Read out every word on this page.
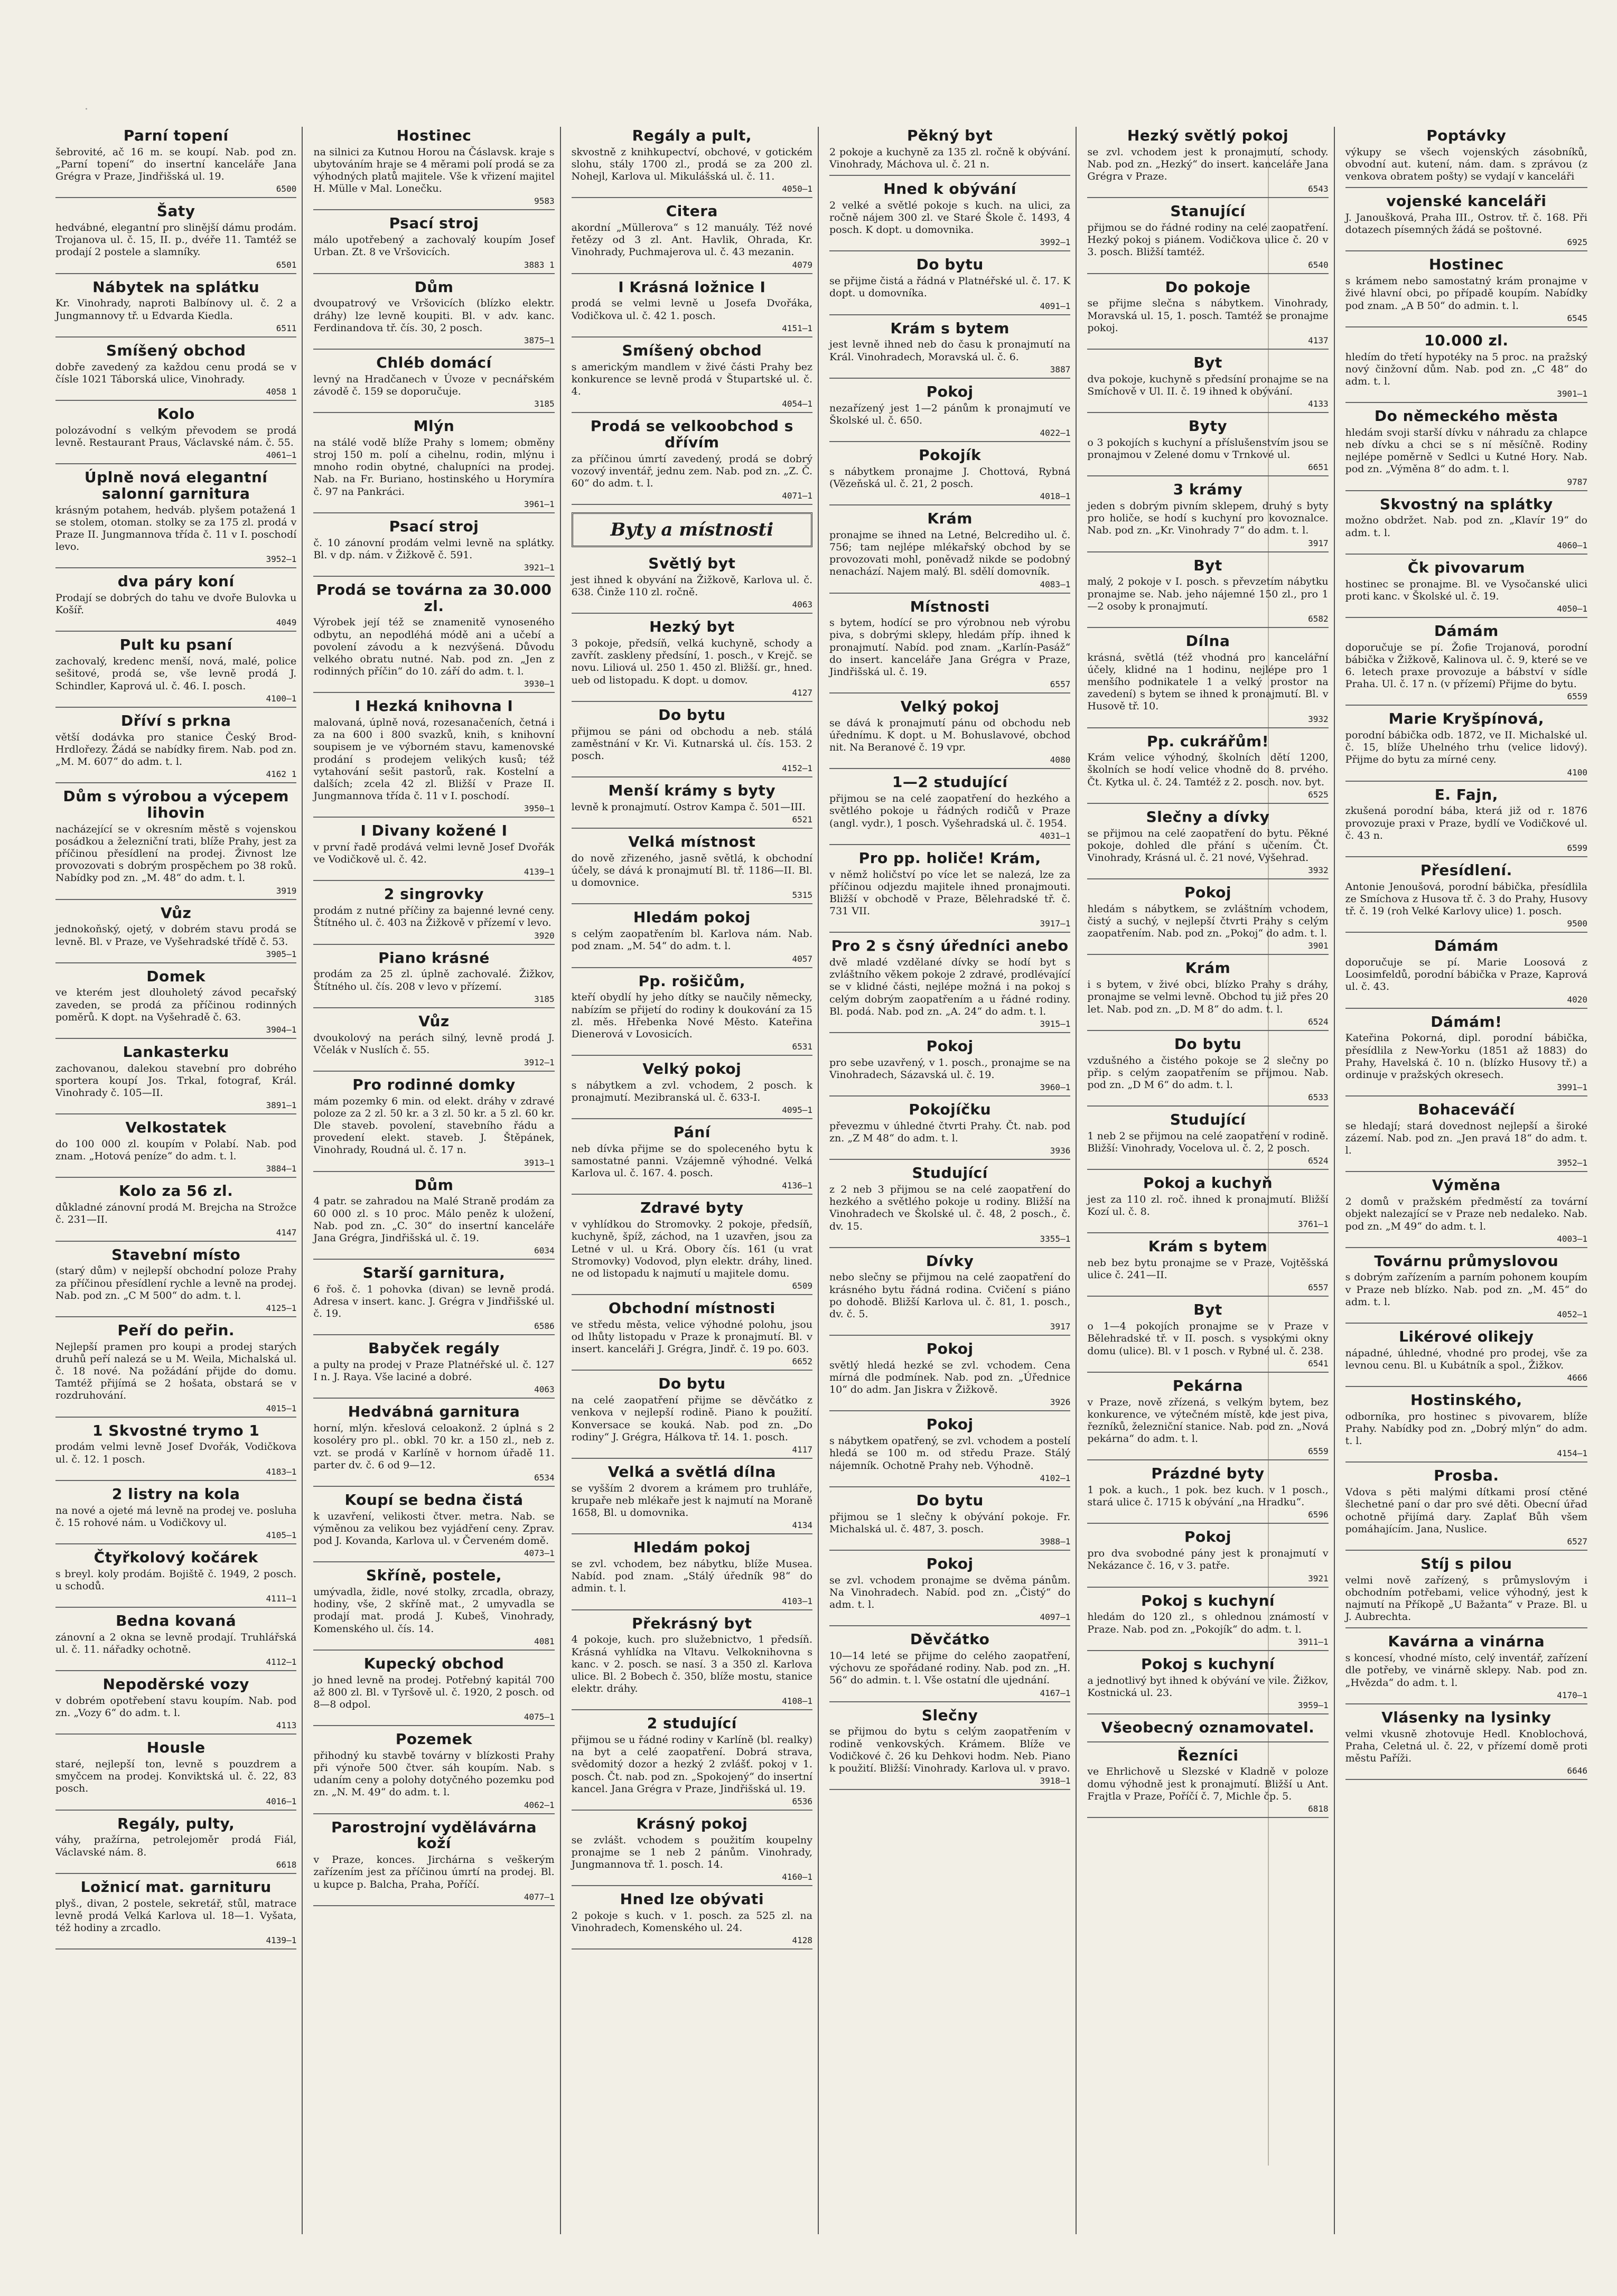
·
Parní topení
šebrovité, ač 16 m. se koupí. Nab. pod zn. „Parní topení“ do insertní kanceláře Jana Grégra v Praze, Jindřišská ul. 19.
6500
Šaty
hedvábné, elegantní pro slinější dámu prodám. Trojanova ul. č. 15, II. p., dvéře 11. Tamtéž se prodají 2 postele a slamníky.
6501
Nábytek na splátku
Kr. Vinohrady, naproti Balbínovy ul. č. 2 a Jungmannovy tř. u Edvarda Kiedla.
6511
Smíšený obchod
dobře zavedený za každou cenu prodá se v čísle 1021 Táborská ulice, Vinohrady.
4058 1
Kolo
polozávodní s velkým převodem se prodá levně. Restaurant Praus, Václavské nám. č. 55.
4061—1
Úplně nová elegantní salonní garnitura
krásným potahem, hedváb. plyšem potažená 1 se stolem, otoman. stolky se za 175 zl. prodá v Praze II. Jungmannova třída č. 11 v I. poschodí levo.
3952—1
dva páry koní
Prodají se dobrých do tahu ve dvoře Bulovka u Košíř.
4049
Pult ku psaní
zachovalý, kredenc menší, nová, malé, police sešitové, prodá se, vše levně prodá J. Schindler, Kaprová ul. č. 46. I. posch.
4100—1
Dříví s prkna
větší dodávka pro stanice Český Brod-Hrdlořezy. Žádá se nabídky firem. Nab. pod zn. „M. M. 607“ do adm. t. l.
4162 1
Dům s výrobou a výcepem lihovin
nacházející se v okresním městě s vojenskou posádkou a železniční trati, blíže Prahy, jest za příčinou přesídlení na prodej. Živnost lze provozovati s dobrým prospěchem po 38 roků. Nabídky pod zn. „M. 48“ do adm. t. l.
3919
Vůz
jednokoňský, ojetý, v dobrém stavu prodá se levně. Bl. v Praze, ve Vyšehradské třídě č. 53.
3905—1
Domek
ve kterém jest dlouholetý závod pecařský zaveden, se prodá za příčinou rodinných poměrů. K dopt. na Vyšehradě č. 63.
3904—1
Lankasterku
zachovanou, dalekou stavební pro dobrého sportera koupí Jos. Trkal, fotograf, Král. Vinohrady č. 105—II.
3891—1
Velkostatek
do 100 000 zl. koupím v Polabí. Nab. pod znam. „Hotová peníze“ do adm. t. l.
3884—1
Kolo za 56 zl.
důkladné zánovní prodá M. Brejcha na Strožce č. 231—II.
4147
Stavební místo
(starý dům) v nejlepší obchodní poloze Prahy za příčinou přesídlení rychle a levně na prodej. Nab. pod zn. „C M 500“ do adm. t. l.
4125—1
Peří do peřin.
Nejlepší pramen pro koupi a prodej starých druhů peří nalezá se u M. Weila, Michalská ul. č. 18 nové. Na požádání přijde do domu. Tamtéž přijímá se 2 hošata, obstará se v rozdruhování.
4015—1
1 Skvostné trymo 1
prodám velmi levně Josef Dvořák, Vodičkova ul. č. 12. 1 posch.
4183—1
2 listry na kola
na nové a ojeté má levně na prodej ve. posluha č. 15 rohové nám. u Vodičkovy ul.
4105—1
Čtyřkolový kočárek
s breyl. koly prodám. Bojiště č. 1949, 2 posch. u schodů.
4111—1
Bedna kovaná
zánovní a 2 okna se levně prodají. Truhlářská ul. č. 11. nářadky ochotně.
4112—1
Nepoděrské vozy
v dobrém opotřebení stavu koupím. Nab. pod zn. „Vozy 6“ do adm. t. l.
4113
Housle
staré, nejlepší ton, levně s pouzdrem a smyčcem na prodej. Konviktská ul. č. 22, 83 posch.
4016—1
Regály, pulty,
váhy, pražírna, petrolejoměr prodá Fiál, Václavské nám. 8.
6618
Ložnicí mat. garnituru
plyš., divan, 2 postele, sekretář, stůl, matrace levně prodá Velká Karlova ul. 18—1. Vyšata, též hodiny a zrcadlo.
4139—1
Hostinec
na silnici za Kutnou Horou na Čáslavsk. kraje s ubytováním hraje se 4 měrami polí prodá se za výhodných platů majitele. Vše k vřizení majitel H. Mülle v Mal. Lonečku.
9583
Psací stroj
málo upotřebený a zachovalý koupím Josef Urban. Zt. 8 ve Vršovicích.
3883 1
Dům
dvoupatrový ve Vršovicích (blízko elektr. dráhy) lze levně koupiti. Bl. v adv. kanc. Ferdinandova tř. čís. 30, 2 posch.
3875—1
Chléb domácí
levný na Hradčanech v Úvoze v pecnářském závodě č. 159 se doporučuje.
3185
Mlýn
na stálé vodě blíže Prahy s lomem; obměny stroj 150 m. polí a cihelnu, rodin, mlýnu i mnoho rodin obytné, chalupníci na prodej. Nab. na Fr. Buriano, hostinského u Horymíra č. 97 na Pankráci.
3961—1
Psací stroj
č. 10 zánovní prodám velmi levně na splátky. Bl. v dp. nám. v Žižkově č. 591.
3921—1
Prodá se továrna za 30.000 zl.
Výrobek její též se znamenitě vynoseného odbytu, an nepodléhá módě ani a učebí a povolení závodu a k nezvýšená. Důvodu velkého obratu nutné. Nab. pod zn. „Jen z rodinných příčin“ do 10. září do adm. t. l.
3930—1
I Hezká knihovna I
malovaná, úplně nová, rozesanačeních, četná i za na 600 i 800 svazků, knih, s knihovní soupisem je ve výborném stavu, kamenovské prodání s prodejem velikých kusů; též vytahování sešit pastorů, rak. Kostelní a dalších; zcela 42 zl. Bližší v Praze II. Jungmannova třída č. 11 v I. poschodí.
3950—1
I Divany kožené I
v první řadě prodává velmi levně Josef Dvořák ve Vodičkově ul. č. 42.
4139—1
2 singrovky
prodám z nutné příčiny za bajenné levné ceny. Štítného ul. č. 403 na Žižkově v přízemí v levo.
3920
Piano krásné
prodám za 25 zl. úplně zachovalé. Žižkov, Štítného ul. čís. 208 v levo v přízemí.
3185
Vůz
dvoukolový na perách silný, levně prodá J. Včelák v Nuslích č. 55.
3912—1
Pro rodinné domky
mám pozemky 6 min. od elekt. dráhy v zdravé poloze za 2 zl. 50 kr. a 3 zl. 50 kr. a 5 zl. 60 kr. Dle staveb. povolení, stavebního řádu a provedení elekt. staveb. J. Štěpánek, Vinohrady, Roudná ul. č. 17 n.
3913—1
Dům
4 patr. se zahradou na Malé Straně prodám za 60 000 zl. s 10 proc. Málo peněz k uložení, Nab. pod zn. „C. 30“ do insertní kanceláře Jana Grégra, Jindřišská ul. č. 19.
6034
Starší garnitura,
6 řoš. č. 1 pohovka (divan) se levně prodá. Adresa v insert. kanc. J. Grégra v Jindřišské ul. č. 19.
6586
Babyček regály
a pulty na prodej v Praze Platnéřské ul. č. 127 I n. J. Raya. Vše laciné a dobré.
4063
Hedvábná garnitura
horní, mlýn. křeslová celoakonž. 2 úplná s 2 kosoléry pro pl.. obkl. 70 kr. a 150 zl., neb z. vzt. se prodá v Karlíně v hornom úřadě 11. parter dv. č. 6 od 9—12.
6534
Koupí se bedna čistá
k uzavření, velikosti čtver. metra. Nab. se výměnou za velikou bez vyjádření ceny. Zprav. pod J. Kovanda, Karlova ul. v Červeném domě.
4073—1
Skříně, postele,
umývadla, židle, nové stolky, zrcadla, obrazy, hodiny, vše, 2 skříně mat., 2 umyvadla se prodají mat. prodá J. Kubeš, Vinohrady, Komenského ul. čís. 14.
4081
Kupecký obchod
jo hned levně na prodej. Potřebný kapitál 700 až 800 zl. Bl. v Tyršově ul. č. 1920, 2 posch. od 8—8 odpol.
4075—1
Pozemek
přihodný ku stavbě továrny v blízkosti Prahy při výnoře 500 čtver. sáh koupím. Nab. s udaním ceny a polohy dotyčného pozemku pod zn. „N. M. 49“ do adm. t. l.
4062—1
Parostrojní vydělávárna koží
v Praze, konces. Jirchárna s veškerým zařízením jest za příčinou úmrtí na prodej. Bl. u kupce p. Balcha, Praha, Poříčí.
4077—1
Regály a pult,
skvostně z knihkupectví, obchové, v gotickém slohu, stály 1700 zl., prodá se za 200 zl. Nohejl, Karlova ul. Mikulášská ul. č. 11.
4050—1
Citera
akordní „Müllerova“ s 12 manuály. Též nové řetězy od 3 zl. Ant. Havlik, Ohrada, Kr. Vinohrady, Puchmajerova ul. č. 43 mezanin.
4079
I Krásná ložnice I
prodá se velmi levně u Josefa Dvořáka, Vodičkova ul. č. 42 1. posch.
4151—1
Smíšený obchod
s americkým mandlem v živé části Prahy bez konkurence se levně prodá v Štupartské ul. č. 4.
4054—1
Prodá se velkoobchod s dřívím
za příčinou úmrtí zavedený, prodá se dobrý vozový inventář, jednu zem. Nab. pod zn. „Z. Č. 60“ do adm. t. l.
4071—1
Byty a místnosti
Světlý byt
jest ihned k obyvání na Žižkově, Karlova ul. č. 638. Činže 110 zl. ročně.
4063
Hezký byt
3 pokoje, předsíň, velká kuchyně, schody a zavřít. zaskleny předsíní, 1. posch., v Krejč. se novu. Liliová ul. 250 1. 450 zl. Bližší. gr., hned. ueb od listopadu. K dopt. u domov.
4127
Do bytu
přijmou se páni od obchodu a neb. stálá zaměstnání v Kr. Vi. Kutnarská ul. čís. 153. 2 posch.
4152—1
Menší krámy s byty
levně k pronajmutí. Ostrov Kampa č. 501—III.
6521
Velká místnost
do nově zřizeného, jasně světlá, k obchodní účely, se dává k pronajmutí Bl. tř. 1186—II. Bl. u domovnice.
5315
Hledám pokoj
s celým zaopatřením bl. Karlova nám. Nab. pod znam. „M. 54“ do adm. t. l.
4057
Pp. rošičům,
kteří obydlí hy jeho dítky se naučily německy, nabízím se přijetí do rodiny k doukování za 15 zl. měs. Hřebenka Nové Město. Kateřina Dienerová v Lovosicích.
6531
Velký pokoj
s nábytkem a zvl. vchodem, 2 posch. k pronajmutí. Mezibranská ul. č. 633-I.
4095—1
Pání
neb dívka přijme se do spoleceného bytu k samostatné panni. Vzájemně výhodné. Velká Karlova ul. č. 167. 4. posch.
4136—1
Zdravé byty
v vyhlídkou do Stromovky. 2 pokoje, předsíň, kuchyně, špíž, záchod, na 1 uzavřen, jsou za Letné v ul. u Krá. Obory čís. 161 (u vrat Stromovky) Vodovod, plyn elektr. dráhy, lined. ne od listopadu k najmutí u majitele domu.
6509
Obchodní místnosti
ve středu města, velice výhodné polohu, jsou od lhůty listopadu v Praze k pronajmutí. Bl. v insert. kanceláři J. Grégra, Jindř. č. 19 po. 603.
6652
Do bytu
na celé zaopatření přijme se děvčátko z venkova v nejlepší rodině. Piano k použití. Konversace se kouká. Nab. pod zn. „Do rodiny“ J. Grégra, Hálkova tř. 14. 1. posch.
4117
Velká a světlá dílna
se vyšším 2 dvorem a krámem pro truhláře, krupaře neb mlékaře jest k najmutí na Moraně 1658, Bl. u domovnika.
4134
Hledám pokoj
se zvl. vchodem, bez nábytku, blíže Musea. Nabíd. pod znam. „Stálý úředník 98“ do admin. t. l.
4103—1
Překrásný byt
4 pokoje, kuch. pro služebnictvo, 1 předsíň. Krásná vyhlídka na Vltavu. Velkoknihovna s kanc. v 2. posch. se nasí. 3 a 350 zl. Karlova ulice. Bl. 2 Bobech č. 350, blíže mostu, stanice elektr. dráhy.
4108—1
2 studující
přijmou se u řádné rodiny v Karlíně (bl. realky) na byt a celé zaopatření. Dobrá strava, svědomitý dozor a hezký 2 zvlášť. pokoj v 1. posch. Čt. nab. pod zn. „Spokojený“ do insertní kancel. Jana Grégra v Praze, Jindřišská ul. 19.
6536
Krásný pokoj
se zvlášt. vchodem s použitím koupelny pronajme se 1 neb 2 pánům. Vinohrady, Jungmannova tř. 1. posch. 14.
4160—1
Hned lze obývati
2 pokoje s kuch. v 1. posch. za 525 zl. na Vinohradech, Komenského ul. 24.
4128
Pěkný byt
2 pokoje a kuchyně za 135 zl. ročně k obývání. Vinohrady, Máchova ul. č. 21 n.
Hned k obývání
2 velké a světlé pokoje s kuch. na ulici, za ročně nájem 300 zl. ve Staré Škole č. 1493, 4 posch. K dopt. u domovnika.
3992—1
Do bytu
se přijme čistá a řádná v Platnéřské ul. č. 17. K dopt. u domovníka.
4091—1
Krám s bytem
jest levně ihned neb do času k pronajmutí na Král. Vinohradech, Moravská ul. č. 6.
3887
Pokoj
nezařízený jest 1—2 pánům k pronajmutí ve Školské ul. č. 650.
4022—1
Pokojík
s nábytkem pronajme J. Chottová, Rybná (Vězeňská ul. č. 21, 2 posch.
4018—1
Krám
pronajme se ihned na Letné, Belcrediho ul. č. 756; tam nejlépe mlékařský obchod by se provozovati mohl, poněvadž nikde se podobný nenachází. Najem malý. Bl. sdělí domovník.
4083—1
Místnosti
s bytem, hodící se pro výrobnou neb výrobu piva, s dobrými sklepy, hledám příp. ihned k pronajmutí. Nabíd. pod znam. „Karlín-Pasáž“ do insert. kanceláře Jana Grégra v Praze, Jindřišská ul. č. 19.
6557
Velký pokoj
se dává k pronajmutí pánu od obchodu neb úřednímu. K dopt. u M. Bohuslavové, obchod nit. Na Beranové č. 19 vpr.
4080
1—2 studující
přijmou se na celé zaopatření do hezkého a světlého pokoje u řádných rodičů v Praze (angl. vydr.), 1 posch. Vyšehradská ul. č. 1954.
4031—1
Pro pp. holiče! Krám,
v němž holičství po více let se nalezá, lze za příčinou odjezdu majitele ihned pronajmouti. Bližší v obchodě v Praze, Bělehradské tř. č. 731 VII.
3917—1
Pro 2 s čsný úředníci anebo
dvě mladé vzdělané dívky se hodí byt s zvláštního věkem pokoje 2 zdravé, prodlévající se v klidné části, nejlépe možná i na pokoj s celým dobrým zaopatřením a u řádné rodiny. Bl. podá. Nab. pod zn. „A. 24“ do adm. t. l.
3915—1
Pokoj
pro sebe uzavřený, v 1. posch., pronajme se na Vinohradech, Sázavská ul. č. 19.
3960—1
Pokojíčku
převezmu v úhledné čtvrti Prahy. Čt. nab. pod zn. „Z M 48“ do adm. t. l.
3936
Studující
z 2 neb 3 přijmou se na celé zaopatření do hezkého a světlého pokoje u rodiny. Bližší na Vinohradech ve Školské ul. č. 48, 2 posch., č. dv. 15.
3355—1
Dívky
nebo slečny se přijmou na celé zaopatření do krásného bytu řádná rodina. Cvičení s piáno po dohodě. Bližší Karlova ul. č. 81, 1. posch., dv. č. 5.
3917
Pokoj
světlý hledá hezké se zvl. vchodem. Cena mírná dle podmínek. Nab. pod zn. „Úřednice 10“ do adm. Jan Jiskra v Žižkově.
3926
Pokoj
s nábytkem opatřený, se zvl. vchodem a postelí hledá se 100 m. od středu Praze. Stálý nájemník. Ochotně Prahy neb. Výhodně.
4102—1
Do bytu
přijmou se 1 slečny k obývání pokoje. Fr. Michalská ul. č. 487, 3. posch.
3988—1
Pokoj
se zvl. vchodem pronajme se dvěma pánům. Na Vinohradech. Nabíd. pod zn. „Čistý“ do adm. t. l.
4097—1
Děvčátko
10—14 leté se přijme do celého zaopatření, výchovu ze spořádané rodiny. Nab. pod zn. „H. 56“ do admin. t. l. Vše ostatní dle ujednání.
4167—1
Slečny
se přijmou do bytu s celým zaopatřením v rodině venkovských. Krámem. Blíže ve Vodičkové č. 26 ku Dehkovi hodm. Neb. Piano k použití. Bližší: Vinohrady. Karlova ul. v pravo.
3918—1
Hezký světlý pokoj
se zvl. vchodem jest k pronajmutí, schody. Nab. pod zn. „Hezký“ do insert. kanceláře Jana Grégra v Praze.
6543
Stanující
přijmou se do řádné rodiny na celé zaopatření. Hezký pokoj s piánem. Vodičkova ulice č. 20 v 3. posch. Bližší tamtéž.
6540
Do pokoje
se přijme slečna s nábytkem. Vinohrady, Moravská ul. 15, 1. posch. Tamtéž se pronajme pokoj.
4137
Byt
dva pokoje, kuchyně s předsíní pronajme se na Smíchově v Ul. II. č. 19 ihned k obývání.
4133
Byty
o 3 pokojích s kuchyní a příslušenstvím jsou se pronajmou v Zelené domu v Trnkové ul.
6651
3 krámy
jeden s dobrým pivním sklepem, druhý s byty pro holiče, se hodí s kuchyní pro kovoznalce. Nab. pod zn. „Kr. Vinohrady 7“ do adm. t. l.
3917
Byt
malý, 2 pokoje v I. posch. s převzetím nábytku pronajme se. Nab. jeho nájemné 150 zl., pro 1—2 osoby k pronajmutí.
6582
Dílna
krásná, světlá (též vhodná pro kancelářní účely, klidné na 1 hodinu, nejlépe pro 1 menšího podnikatele 1 a velký prostor na zavedení) s bytem se ihned k pronajmutí. Bl. v Husově tř. 10.
3932
Pp. cukrářům!
Krám velice výhodný, školních dětí 1200, školních se hodí velice vhodně do 8. prvého. Čt. Kytka ul. č. 24. Tamtéž z 2. posch. nov. byt.
6525
Slečny a dívky
se přijmou na celé zaopatření do bytu. Pěkné pokoje, dohled dle přání s učením. Čt. Vinohrady, Krásná ul. č. 21 nové, Vyšehrad.
3932
Pokoj
hledám s nábytkem, se zvláštním vchodem, čistý a suchý, v nejlepší čtvrti Prahy s celým zaopatřením. Nab. pod zn. „Pokoj“ do adm. t. l.
3901
Krám
i s bytem, v živé obci, blízko Prahy s dráhy, pronajme se velmi levně. Obchod tu již přes 20 let. Nab. pod zn. „D. M 8“ do adm. t. l.
6524
Do bytu
vzdušného a čistého pokoje se 2 slečny po přip. s celým zaopatřením se přijmou. Nab. pod zn. „D M 6“ do adm. t. l.
6533
Studující
1 neb 2 se přijmou na celé zaopatření v rodině. Bližší: Vinohrady, Vocelova ul. č. 2, 2 posch.
6524
Pokoj a kuchyň
jest za 110 zl. roč. ihned k pronajmutí. Bližší Kozí ul. č. 8.
3761—1
Krám s bytem
neb bez bytu pronajme se v Praze, Vojtěšská ulice č. 241—II.
6557
Byt
o 1—4 pokojích pronajme se v Praze v Bělehradské tř. v II. posch. s vysokými okny domu (ulice). Bl. v 1 posch. v Rybné ul. č. 238.
6541
Pekárna
v Praze, nově zřízená, s velkým bytem, bez konkurence, ve výtečném místě, kde jest piva, řezníků, železniční stanice. Nab. pod zn. „Nová pekárna“ do adm. t. l.
6559
Prázdné byty
1 pok. a kuch., 1 pok. bez kuch. v 1 posch., stará ulice č. 1715 k obývání „na Hradku“.
6596
Pokoj
pro dva svobodné pány jest k pronajmutí v Nekázance č. 16, v 3. patře.
3921
Pokoj s kuchyní
hledám do 120 zl., s ohlednou známostí v Praze. Nab. pod zn. „Pokojík“ do adm. t. l.
3911—1
Pokoj s kuchyní
a jednotlivý byt ihned k obývání ve vile. Žižkov, Kostnická ul. 23.
3959—1
Všeobecný oznamovatel.
Řezníci
ve Ehrlichově u Slezské v Kladně v poloze domu výhodně jest k pronajmutí. Bližší u Ant. Frajtla v Praze, Poříčí č. 7, Michle čp. 5.
6818
Poptávky
výkupy se všech vojenských zásobníků, obvodní aut. kutení, nám. dam. s zprávou (z venkova obratem pošty) se vydají v kanceláři
vojenské kanceláři
J. Janoušková, Praha III., Ostrov. tř. č. 168. Při dotazech písemných žádá se poštovné.
6925
Hostinec
s krámem nebo samostatný krám pronajme v živé hlavní obci, po případě koupím. Nabídky pod znam. „A B 50“ do admin. t. l.
6545
10.000 zl.
hledím do třetí hypotéky na 5 proc. na pražský nový činžovní dům. Nab. pod zn. „C 48“ do adm. t. l.
3901—1
Do německého města
hledám svoji starší dívku v náhradu za chlapce neb dívku a chci se s ní měsíčně. Rodiny nejlépe poměrně v Sedlci u Kutné Hory. Nab. pod zn. „Výměna 8“ do adm. t. l.
9787
Skvostný na splátky
možno obdržet. Nab. pod zn. „Klavír 19“ do adm. t. l.
4060—1
Čk pivovarum
hostinec se pronajme. Bl. ve Vysočanské ulici proti kanc. v Školské ul. č. 19.
4050—1
Dámám
doporučuje se pí. Žofie Trojanová, porodní bábička v Žižkově, Kalinova ul. č. 9, které se ve 6. letech praxe provozuje a bábství v sídle Praha. Ul. č. 17 n. (v přízemí) Přijme do bytu.
6559
Marie Kryšpínová,
porodní bábička odb. 1872, ve II. Michalské ul. č. 15, blíže Uhelného trhu (velice lidový). Přijme do bytu za mírné ceny.
4100
E. Fajn,
zkušená porodní bába, která již od r. 1876 provozuje praxi v Praze, bydlí ve Vodičkové ul. č. 43 n.
6599
Přesídlení.
Antonie Jenoušová, porodní bábička, přesídlila ze Smíchova z Husova tř. č. 3 do Prahy, Husovy tř. č. 19 (roh Velké Karlovy ulice) 1. posch.
9500
Dámám
doporučuje se pí. Marie Loosová z Loosimfeldů, porodní bábička v Praze, Kaprová ul. č. 43.
4020
Dámám!
Kateřina Pokorná, dipl. porodní bábička, přesídlila z New-Yorku (1851 až 1883) do Prahy, Havelská č. 10 n. (blízko Husovy tř.) a ordinuje v pražských okresech.
3991—1
Bohaceváčí
se hledají; stará dovednost nejlepší a široké zázemí. Nab. pod zn. „Jen pravá 18“ do adm. t. l.
3952—1
Výměna
2 domů v pražském předměstí za tovární objekt nalezající se v Praze neb nedaleko. Nab. pod zn. „M 49“ do adm. t. l.
4003—1
Továrnu průmyslovou
s dobrým zařízením a parním pohonem koupím v Praze neb blízko. Nab. pod zn. „M. 45“ do adm. t. l.
4052—1
Likérové olikejy
nápadné, úhledné, vhodné pro prodej, vše za levnou cenu. Bl. u Kubátník a spol., Žižkov.
4666
Hostinského,
odborníka, pro hostinec s pivovarem, blíže Prahy. Nabídky pod zn. „Dobrý mlýn“ do adm. t. l.
4154—1
Prosba.
Vdova s pěti malými dítkami prosí ctěné šlechetné paní o dar pro své děti. Obecní úřad ochotně přijímá dary. Zaplať Bůh všem pomáhajícím. Jana, Nuslice.
6527
Stíj s pilou
velmi nově zařízený, s průmyslovým i obchodním potřebami, velice výhodný, jest k najmutí na Příkopě „U Bažanta“ v Praze. Bl. u J. Aubrechta.
Kavárna a vinárna
s koncesí, vhodné místo, celý inventář, zařízení dle potřeby, ve vinárně sklepy. Nab. pod zn. „Hvězda“ do adm. t. l.
4170—1
Vlásenky na lysinky
velmi vkusně zhotovuje Hedl. Knoblochová, Praha, Celetná ul. č. 22, v přízemí domě proti městu Paříži.
6646
